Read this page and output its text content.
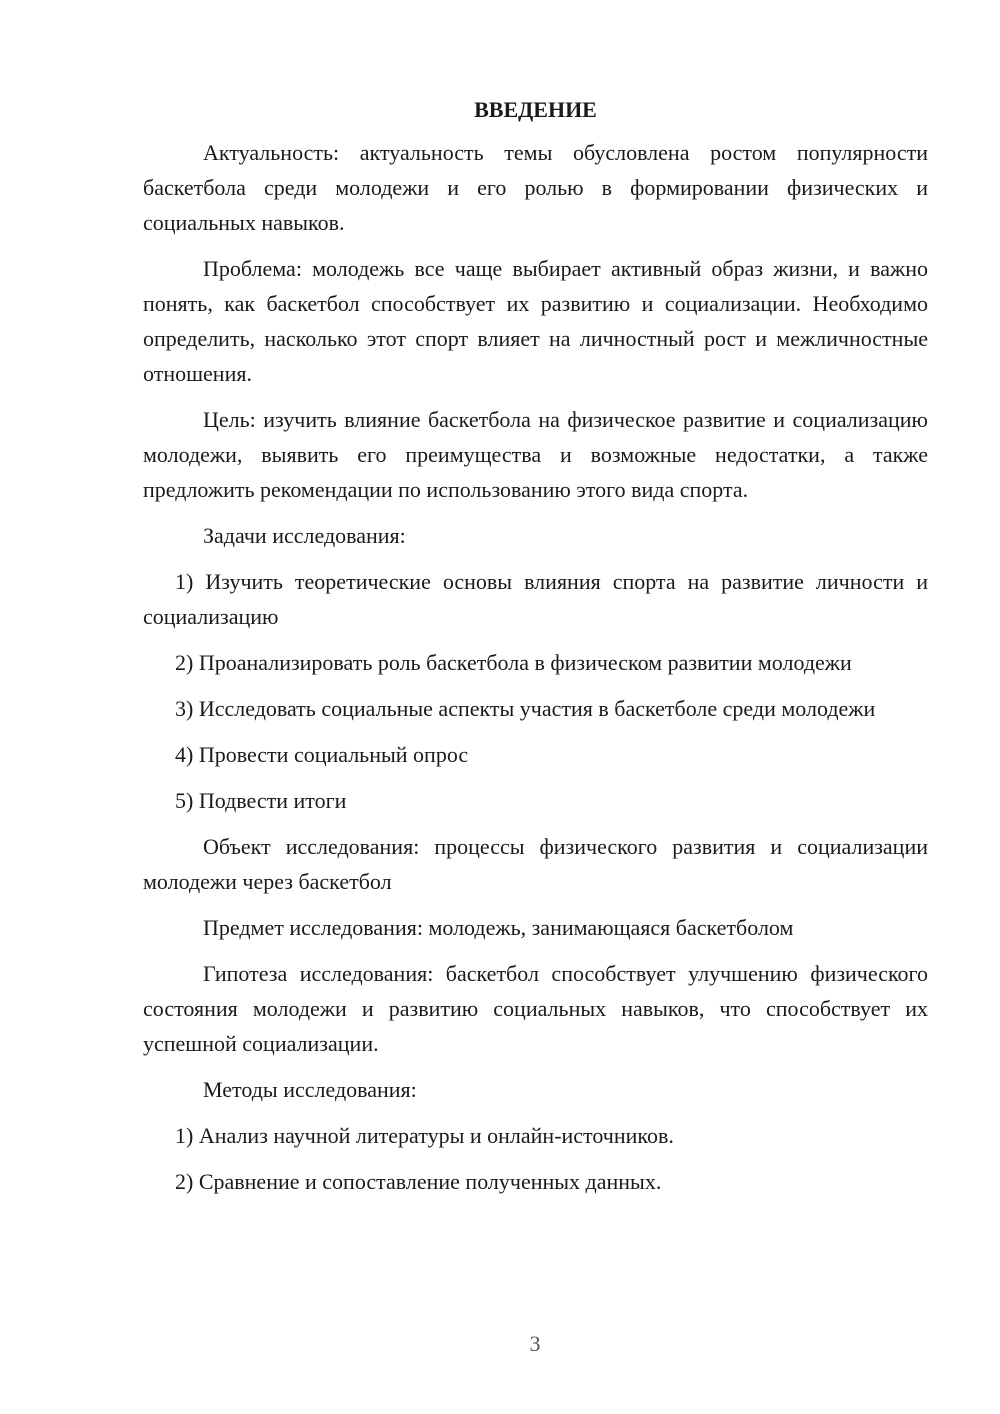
ВВЕДЕНИЕ

Актуальность: актуальность темы обусловлена ростом популярности баскетбола среди молодежи и его ролью в формировании физических и социальных навыков.

Проблема: молодежь все чаще выбирает активный образ жизни, и важно понять, как баскетбол способствует их развитию и социализации. Необходимо определить, насколько этот спорт влияет на личностный рост и межличностные отношения.

Цель: изучить влияние баскетбола на физическое развитие и социализацию молодежи, выявить его преимущества и возможные недостатки, а также предложить рекомендации по использованию этого вида спорта.

Задачи исследования:

1) Изучить теоретические основы влияния спорта на развитие личности и социализацию

2) Проанализировать роль баскетбола в физическом развитии молодежи

3) Исследовать социальные аспекты участия в баскетболе среди молодежи

4) Провести социальный опрос

5) Подвести итоги

Объект исследования: процессы физического развития и социализации молодежи через баскетбол

Предмет исследования: молодежь, занимающаяся баскетболом

Гипотеза исследования: баскетбол способствует улучшению физического состояния молодежи и развитию социальных навыков, что способствует их успешной социализации.

Методы исследования:

1) Анализ научной литературы и онлайн-источников.

2) Сравнение и сопоставление полученных данных.

3
